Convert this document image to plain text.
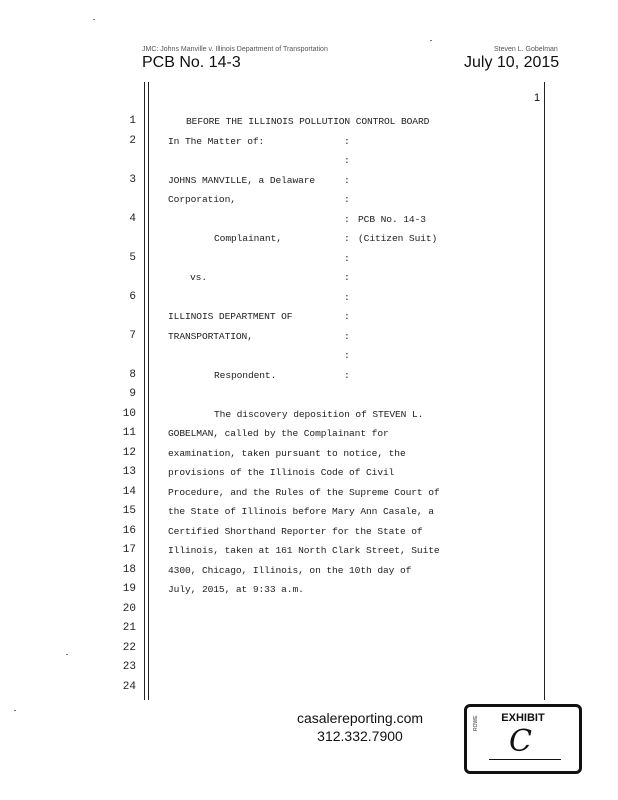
JMC: Johns Manville v. Illinois Department of Transportation
PCB No. 14-3
Steven L. Gobelman
July 10, 2015
1
1	BEFORE THE ILLINOIS POLLUTION CONTROL BOARD
2	In The Matter of:	:
:
3	JOHNS MANVILLE, a Delaware	:
Corporation,	:
4	: PCB No. 14-3
Complainant,	: (Citizen Suit)
5	:
vs.	:
6	:
ILLINOIS DEPARTMENT OF	:
7	TRANSPORTATION,	:
:
8	Respondent.	:
9
10	The discovery deposition of STEVEN L.
11	GOBELMAN, called by the Complainant for
12	examination, taken pursuant to notice, the
13	provisions of the Illinois Code of Civil
14	Procedure, and the Rules of the Supreme Court of
15	the State of Illinois before Mary Ann Casale, a
16	Certified Shorthand Reporter for the State of
17	Illinois, taken at 161 North Clark Street, Suite
18	4300, Chicago, Illinois, on the 10th day of
19	July, 2015, at 9:33 a.m.
20
21
22
23
24
casalereporting.com
312.332.7900
EXHIBIT
ROWE
C
